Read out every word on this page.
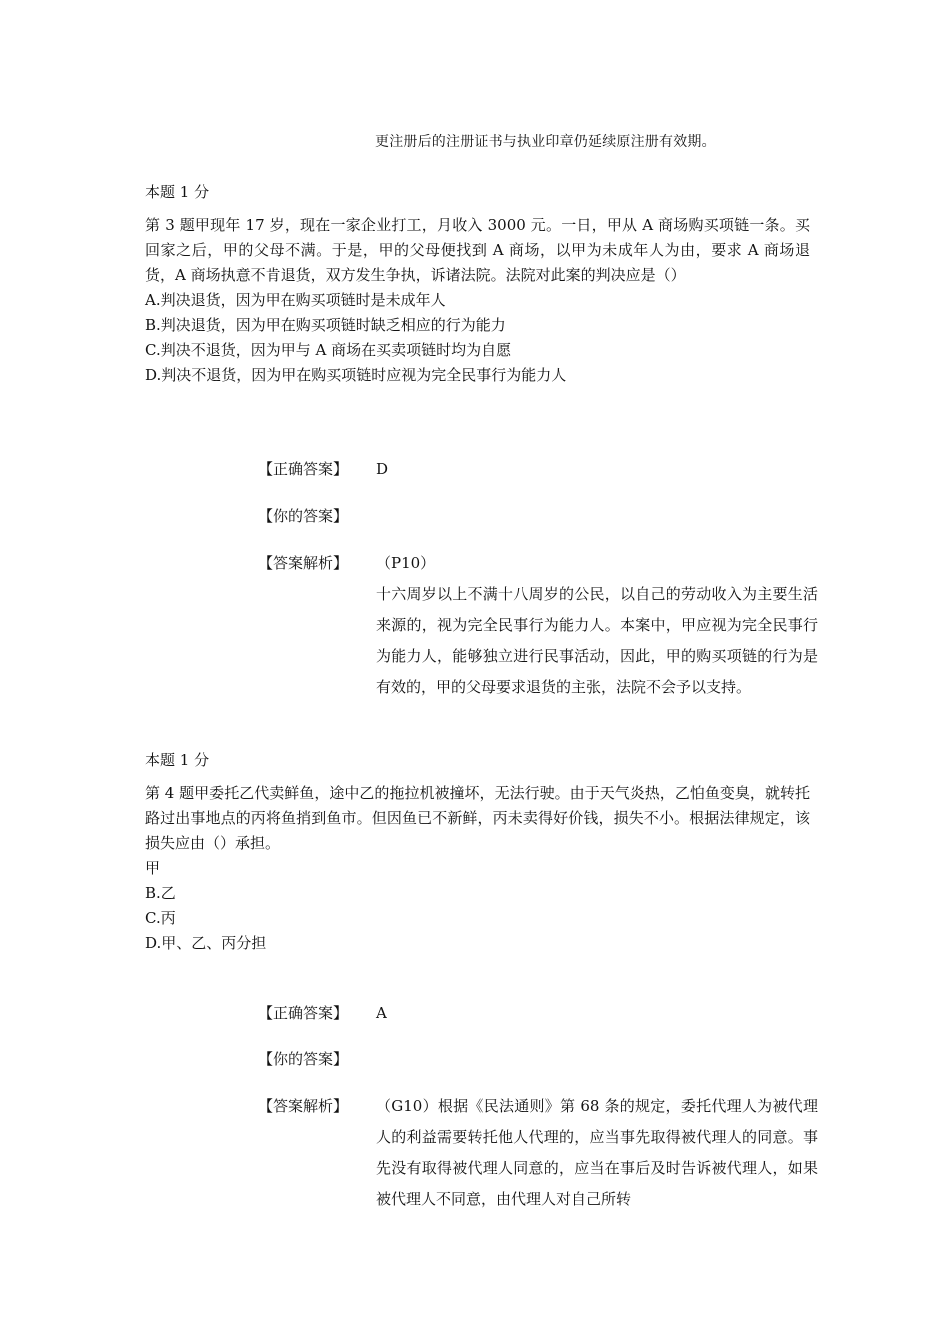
更注册后的注册证书与执业印章仍延续原注册有效期。

本题 1 分

第 3 题甲现年 17 岁，现在一家企业打工，月收入 3000 元。一日，甲从 A 商场购买项链一条。买回家之后，甲的父母不满。于是，甲的父母便找到 A 商场，以甲为未成年人为由，要求 A 商场退货，A 商场执意不肯退货，双方发生争执，诉诸法院。法院对此案的判决应是（）

A.判决退货，因为甲在购买项链时是未成年人
B.判决退货，因为甲在购买项链时缺乏相应的行为能力
C.判决不退货，因为甲与 A 商场在买卖项链时均为自愿
D.判决不退货，因为甲在购买项链时应视为完全民事行为能力人
【正确答案】 D
【你的答案】
【答案解析】 （P10）
十六周岁以上不满十八周岁的公民，以自己的劳动收入为主要生活来源的，视为完全民事行为能力人。本案中，甲应视为完全民事行为能力人，能够独立进行民事活动，因此，甲的购买项链的行为是有效的，甲的父母要求退货的主张，法院不会予以支持。

本题 1 分

第 4 题甲委托乙代卖鲜鱼，途中乙的拖拉机被撞坏，无法行驶。由于天气炎热，乙怕鱼变臭，就转托路过出事地点的丙将鱼捎到鱼市。但因鱼已不新鲜，丙未卖得好价钱，损失不小。根据法律规定，该损失应由（）承担。

甲
B.乙
C.丙
D.甲、乙、丙分担
【正确答案】 A
【你的答案】
【答案解析】 （G10）根据《民法通则》第 68 条的规定，委托代理人为被代理人的利益需要转托他人代理的，应当事先取得被代理人的同意。事先没有取得被代理人同意的，应当在事后及时告诉被代理人，如果被代理人不同意，由代理人对自己所转
